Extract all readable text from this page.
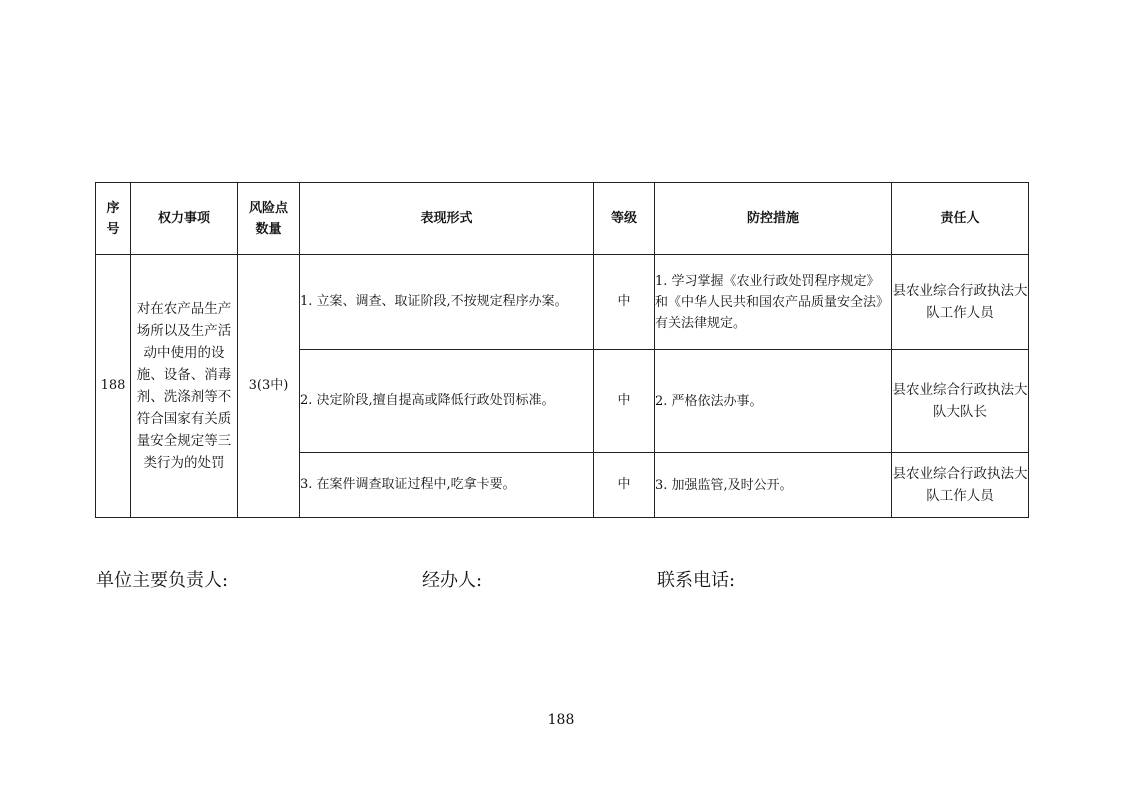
序号	权力事项	风险点数量	表现形式	等级	防控措施	责任人
188	对在农产品生产场所以及生产活动中使用的设施、设备、消毒剂、洗涤剂等不符合国家有关质量安全规定等三类行为的处罚	3(3中)	1. 立案、调查、取证阶段,不按规定程序办案。	中	1. 学习掌握《农业行政处罚程序规定》和《中华人民共和国农产品质量安全法》有关法律规定。	县农业综合行政执法大队工作人员
			2. 决定阶段,擅自提高或降低行政处罚标准。	中	2. 严格依法办事。	县农业综合行政执法大队大队长
			3. 在案件调查取证过程中,吃拿卡要。	中	3. 加强监管,及时公开。	县农业综合行政执法大队工作人员
单位主要负责人:	经办人:	联系电话:
188
